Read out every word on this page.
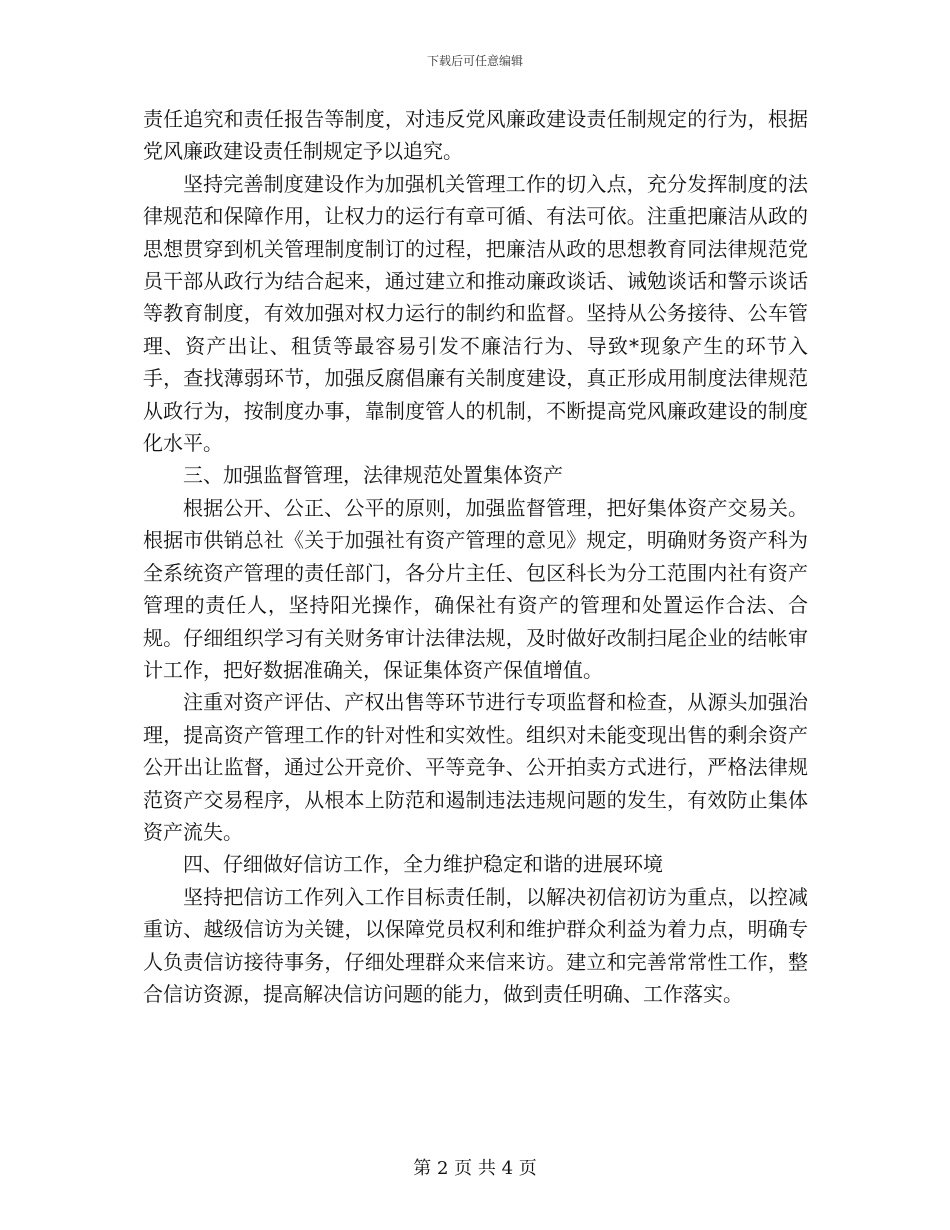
下载后可任意编辑

责任追究和责任报告等制度，对违反党风廉政建设责任制规定的行为，根据党风廉政建设责任制规定予以追究。

坚持完善制度建设作为加强机关管理工作的切入点，充分发挥制度的法律规范和保障作用，让权力的运行有章可循、有法可依。注重把廉洁从政的思想贯穿到机关管理制度制订的过程，把廉洁从政的思想教育同法律规范党员干部从政行为结合起来，通过建立和推动廉政谈话、诫勉谈话和警示谈话等教育制度，有效加强对权力运行的制约和监督。坚持从公务接待、公车管理、资产出让、租赁等最容易引发不廉洁行为、导致*现象产生的环节入手，查找薄弱环节，加强反腐倡廉有关制度建设，真正形成用制度法律规范从政行为，按制度办事，靠制度管人的机制，不断提高党风廉政建设的制度化水平。

三、加强监督管理，法律规范处置集体资产

根据公开、公正、公平的原则，加强监督管理，把好集体资产交易关。根据市供销总社《关于加强社有资产管理的意见》规定，明确财务资产科为全系统资产管理的责任部门，各分片主任、包区科长为分工范围内社有资产管理的责任人，坚持阳光操作，确保社有资产的管理和处置运作合法、合规。仔细组织学习有关财务审计法律法规，及时做好改制扫尾企业的结帐审计工作，把好数据准确关，保证集体资产保值增值。

注重对资产评估、产权出售等环节进行专项监督和检查，从源头加强治理，提高资产管理工作的针对性和实效性。组织对未能变现出售的剩余资产公开出让监督，通过公开竞价、平等竞争、公开拍卖方式进行，严格法律规范资产交易程序，从根本上防范和遏制违法违规问题的发生，有效防止集体资产流失。

四、仔细做好信访工作，全力维护稳定和谐的进展环境

坚持把信访工作列入工作目标责任制，以解决初信初访为重点，以控减重访、越级信访为关键，以保障党员权利和维护群众利益为着力点，明确专人负责信访接待事务，仔细处理群众来信来访。建立和完善常常性工作，整合信访资源，提高解决信访问题的能力，做到责任明确、工作落实。

第 2 页 共 4 页
